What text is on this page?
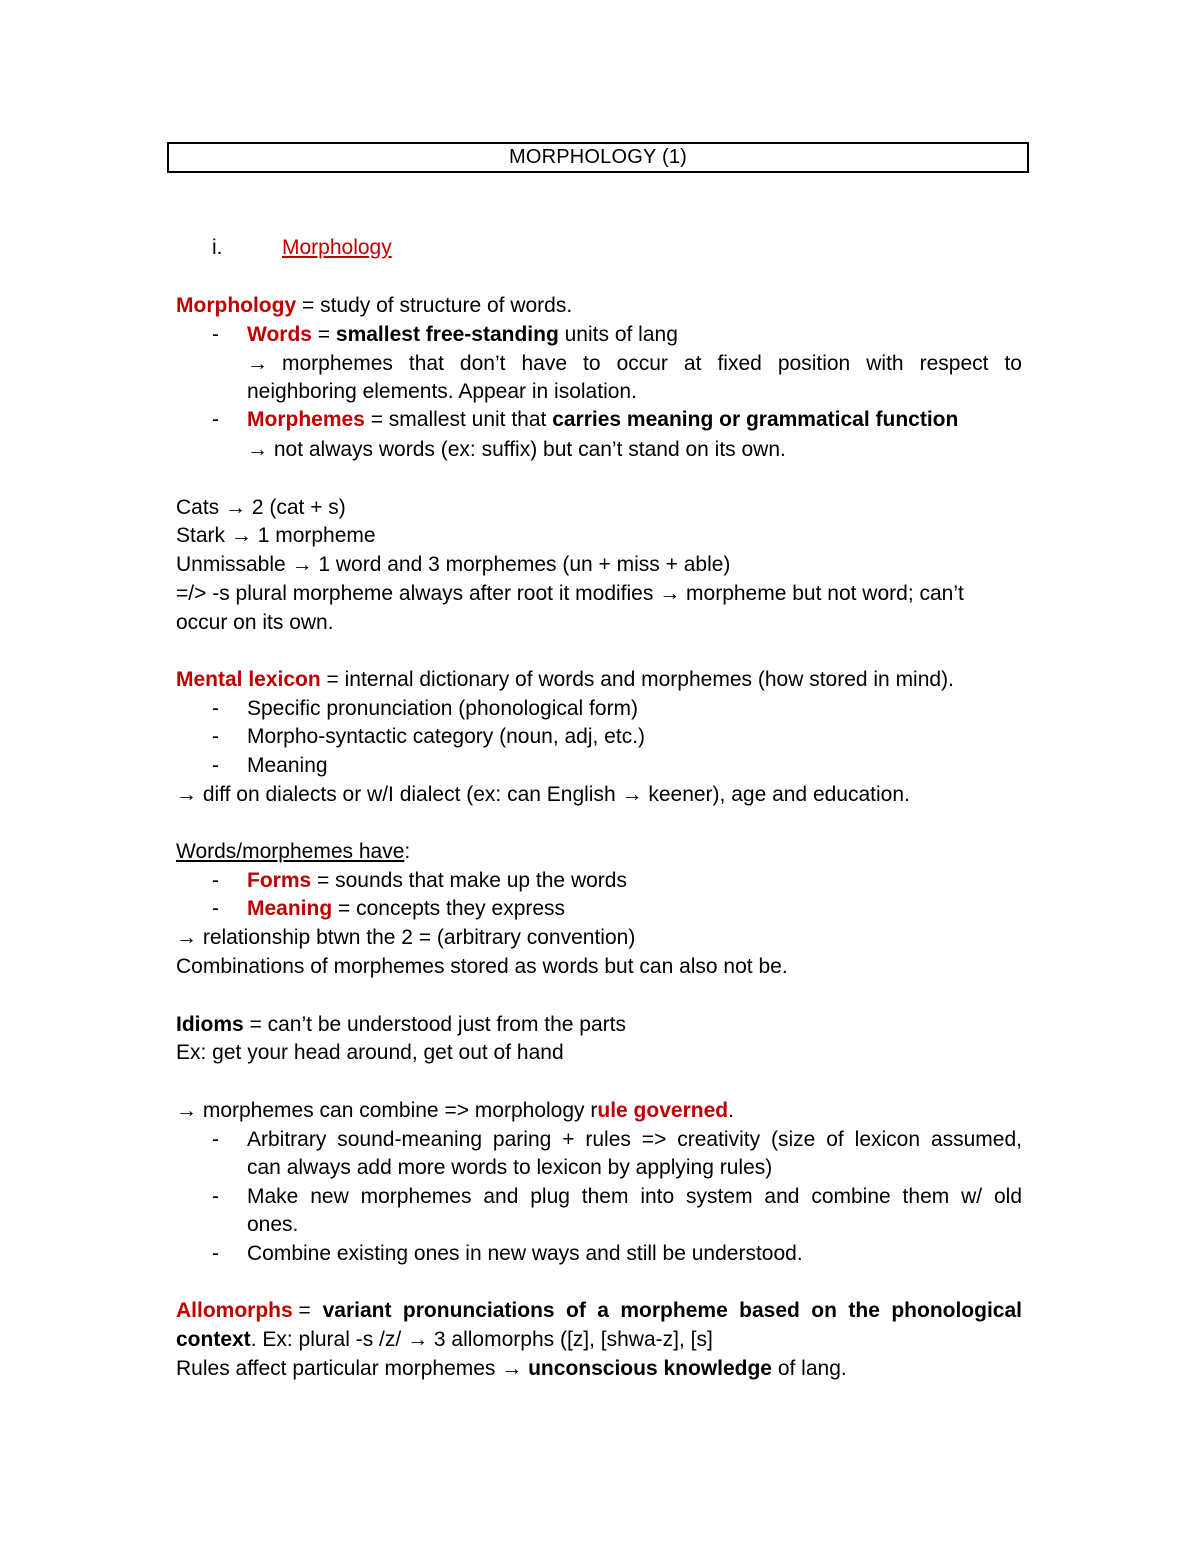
MORPHOLOGY (1)
i.	Morphology
Morphology = study of structure of words.
- Words = smallest free-standing units of lang
→ morphemes that don’t have to occur at fixed position with respect to
neighboring elements. Appear in isolation.
- Morphemes = smallest unit that carries meaning or grammatical function
→ not always words (ex: suffix) but can’t stand on its own.
Cats → 2 (cat + s)
Stark → 1 morpheme
Unmissable → 1 word and 3 morphemes (un + miss + able)
=/> -s plural morpheme always after root it modifies → morpheme but not word; can’t
occur on its own.
Mental lexicon = internal dictionary of words and morphemes (how stored in mind).
- Specific pronunciation (phonological form)
- Morpho-syntactic category (noun, adj, etc.)
- Meaning
→ diff on dialects or w/I dialect (ex: can English → keener), age and education.
Words/morphemes have:
- Forms = sounds that make up the words
- Meaning = concepts they express
→ relationship btwn the 2 = (arbitrary convention)
Combinations of morphemes stored as words but can also not be.
Idioms = can’t be understood just from the parts
Ex: get your head around, get out of hand
→ morphemes can combine => morphology rule governed.
- Arbitrary sound-meaning paring + rules => creativity (size of lexicon assumed,
can always add more words to lexicon by applying rules)
- Make new morphemes and plug them into system and combine them w/ old
ones.
- Combine existing ones in new ways and still be understood.
Allomorphs = variant pronunciations of a morpheme based on the phonological
context. Ex: plural -s /z/ → 3 allomorphs ([z], [shwa-z], [s]
Rules affect particular morphemes → unconscious knowledge of lang.
